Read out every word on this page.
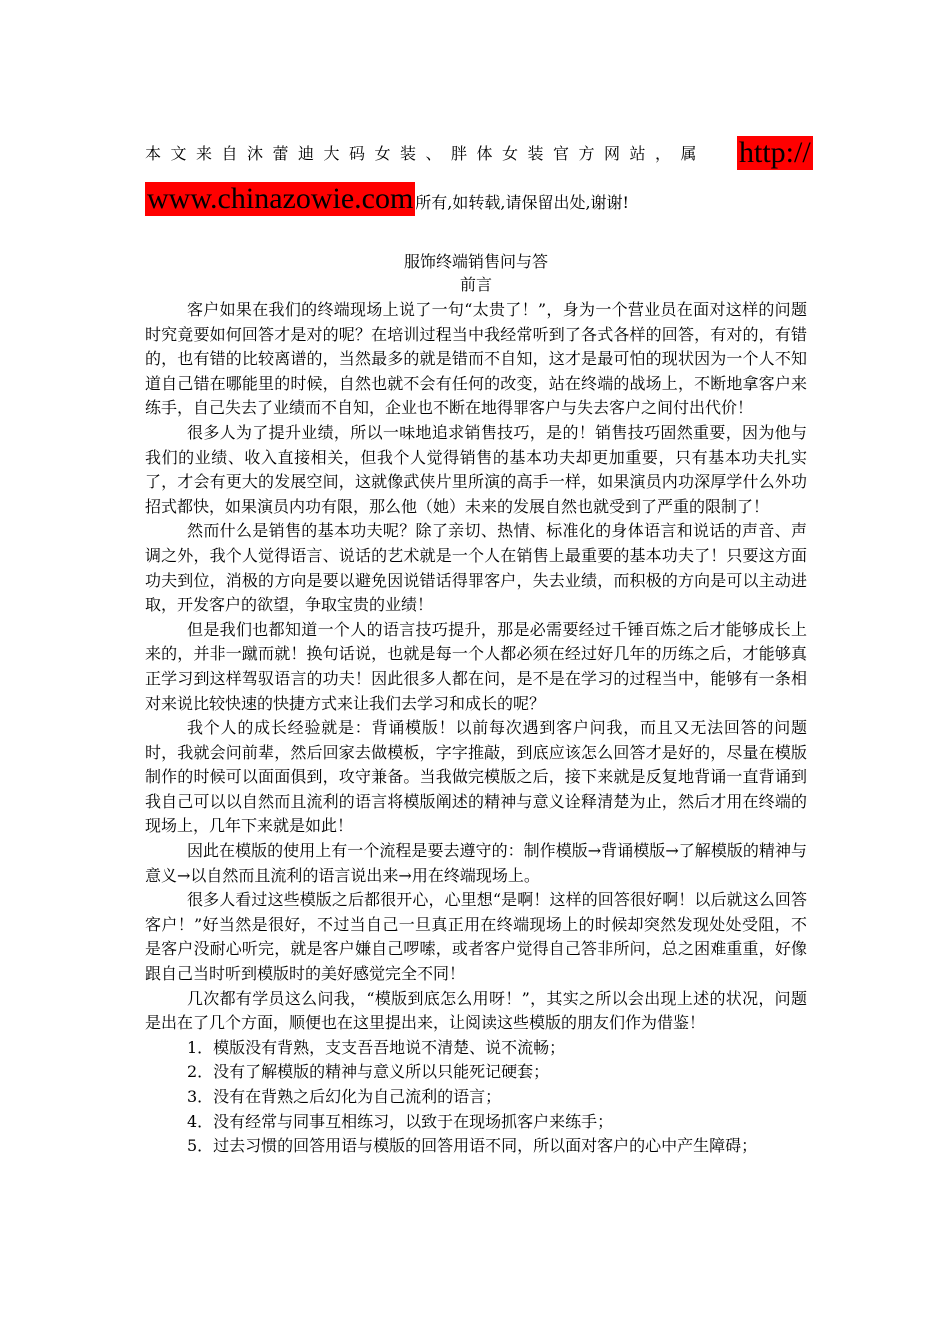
本文来自沐蕾迪大码女装、胖体女装官方网站，属 http://
www.chinazowie.com 所有,如转载,请保留出处,谢谢!
服饰终端销售问与答
前言

客户如果在我们的终端现场上说了一句“太贵了！”，身为一个营业员在面对这样的问题时究竟要如何回答才是对的呢？在培训过程当中我经常听到了各式各样的回答，有对的，有错的，也有错的比较离谱的，当然最多的就是错而不自知，这才是最可怕的现状因为一个人不知道自己错在哪能里的时候，自然也就不会有任何的改变，站在终端的战场上，不断地拿客户来练手，自己失去了业绩而不自知，企业也不断在地得罪客户与失去客户之间付出代价！

很多人为了提升业绩，所以一味地追求销售技巧，是的！销售技巧固然重要，因为他与我们的业绩、收入直接相关，但我个人觉得销售的基本功夫却更加重要，只有基本功夫扎实了，才会有更大的发展空间，这就像武侠片里所演的高手一样，如果演员内功深厚学什么外功招式都快，如果演员内功有限，那么他（她）未来的发展自然也就受到了严重的限制了！

然而什么是销售的基本功夫呢？除了亲切、热情、标准化的身体语言和说话的声音、声调之外，我个人觉得语言、说话的艺术就是一个人在销售上最重要的基本功夫了！只要这方面功夫到位，消极的方向是要以避免因说错话得罪客户，失去业绩，而积极的方向是可以主动进取，开发客户的欲望，争取宝贵的业绩！

但是我们也都知道一个人的语言技巧提升，那是必需要经过千锤百炼之后才能够成长上来的，并非一蹴而就！换句话说，也就是每一个人都必须在经过好几年的历练之后，才能够真正学习到这样驾驭语言的功夫！因此很多人都在问，是不是在学习的过程当中，能够有一条相对来说比较快速的快捷方式来让我们去学习和成长的呢？

我个人的成长经验就是：背诵模版！以前每次遇到客户问我，而且又无法回答的问题时，我就会问前辈，然后回家去做模板，字字推敲，到底应该怎么回答才是好的，尽量在模版制作的时候可以面面俱到，攻守兼备。当我做完模版之后，接下来就是反复地背诵一直背诵到我自己可以以自然而且流利的语言将模版阐述的精神与意义诠释清楚为止，然后才用在终端的现场上，几年下来就是如此！

因此在模版的使用上有一个流程是要去遵守的：制作模版→背诵模版→了解模版的精神与意义→以自然而且流利的语言说出来→用在终端现场上。

很多人看过这些模版之后都很开心，心里想“是啊！这样的回答很好啊！以后就这么回答客户！”好当然是很好，不过当自己一旦真正用在终端现场上的时候却突然发现处处受阻，不是客户没耐心听完，就是客户嫌自己啰嗦，或者客户觉得自己答非所问，总之困难重重，好像跟自己当时听到模版时的美好感觉完全不同！

几次都有学员这么问我，“模版到底怎么用呀！”，其实之所以会出现上述的状况，问题是出在了几个方面，顺便也在这里提出来，让阅读这些模版的朋友们作为借鉴！

1．模版没有背熟，支支吾吾地说不清楚、说不流畅；
2．没有了解模版的精神与意义所以只能死记硬套；
3．没有在背熟之后幻化为自己流利的语言；
4．没有经常与同事互相练习，以致于在现场抓客户来练手；
5．过去习惯的回答用语与模版的回答用语不同，所以面对客户的心中产生障碍；
